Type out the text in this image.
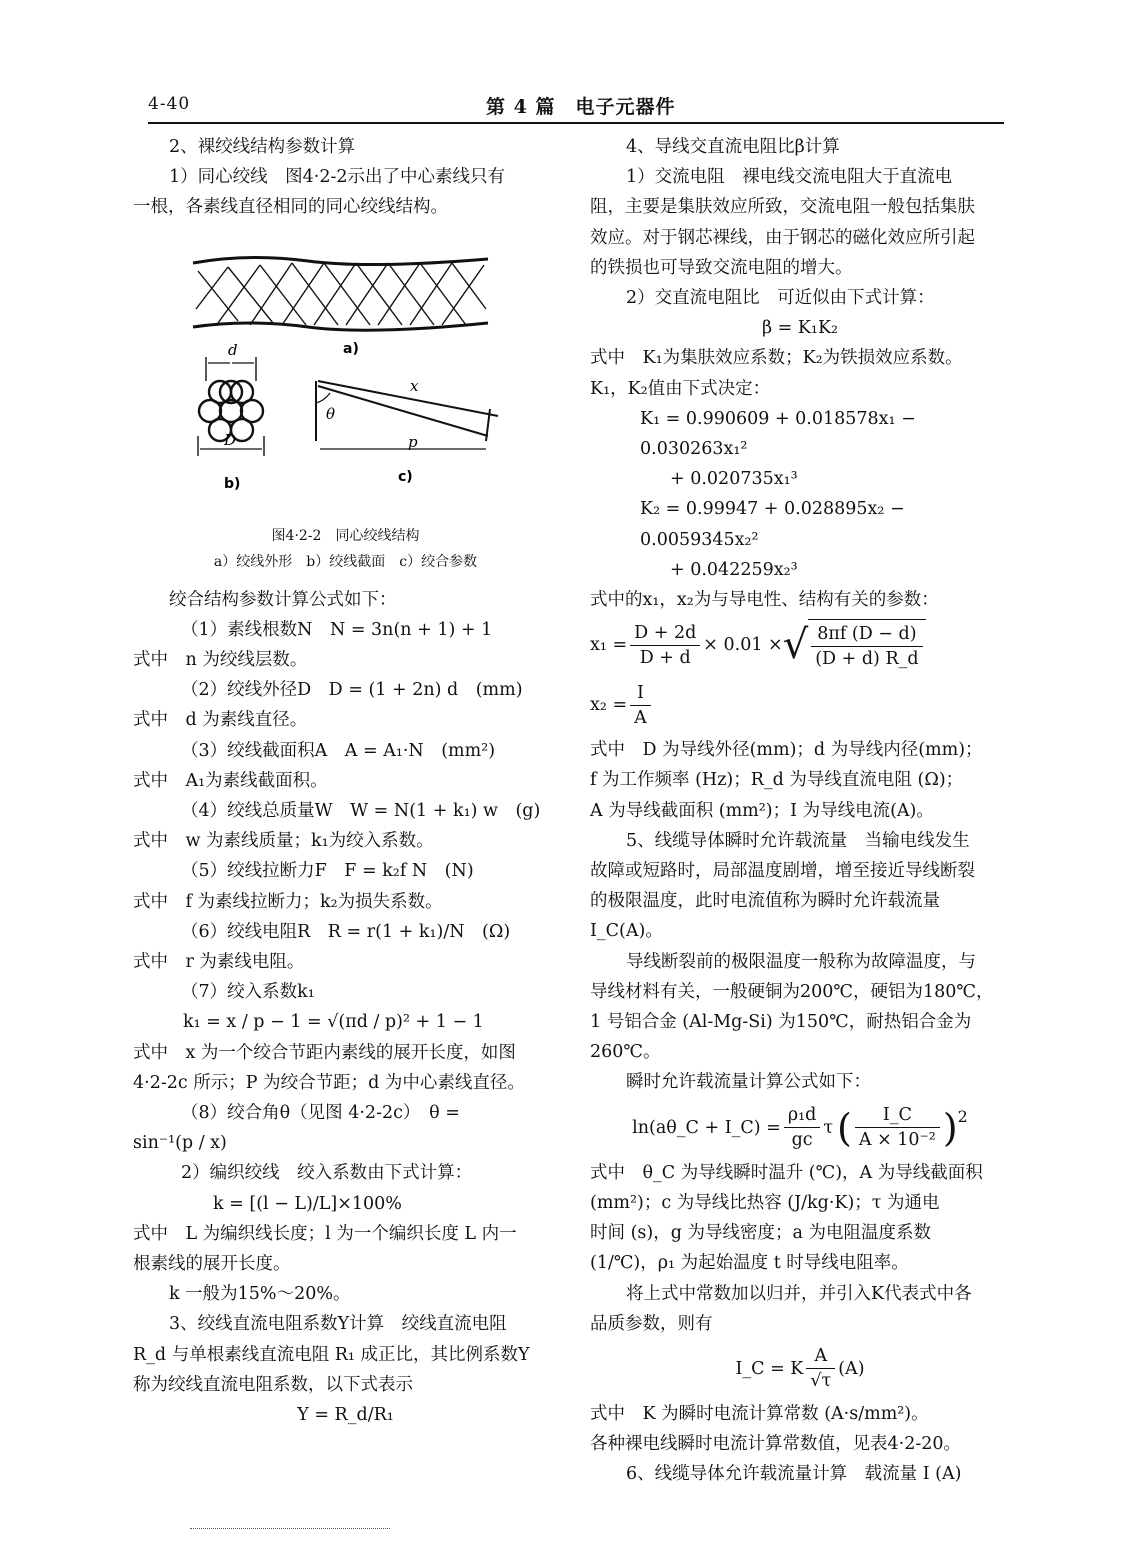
4-40	第 4 篇　电子元器件

2、裸绞线结构参数计算

1）同心绞线　图4·2-2示出了中心素线只有

一根，各素线直径相同的同心绞线结构。

a)
d
D
b)
x
θ
p
c)

图4·2-2　同心绞线结构

a）绞线外形　b）绞线截面　c）绞合参数

绞合结构参数计算公式如下：

（1）素线根数N　N = 3n(n + 1) + 1

式中　n 为绞线层数。

（2）绞线外径D　D = (1 + 2n) d　(mm)

式中　d 为素线直径。

（3）绞线截面积A　A = A₁·N　(mm²)

式中　A₁为素线截面积。

（4）绞线总质量W　W = N(1 + k₁) w　(g)

式中　w 为素线质量；k₁为绞入系数。

（5）绞线拉断力F　F = k₂f N　(N)

式中　f 为素线拉断力；k₂为损失系数。

（6）绞线电阻R　R = r(1 + k₁)/N　(Ω)

式中　r 为素线电阻。

（7）绞入系数k₁

k₁ = x / p − 1 = √(πd / p)² + 1 − 1

式中　x 为一个绞合节距内素线的展开长度，如图

4·2-2c 所示；P 为绞合节距；d 为中心素线直径。

（8）绞合角θ（见图 4·2-2c）　θ =

sin⁻¹(p / x)

2）编织绞线　绞入系数由下式计算：

k = [(l − L)/L]×100%

式中　L 为编织线长度；l 为一个编织长度 L 内一

根素线的展开长度。

k 一般为15%～20%。

3、绞线直流电阻系数Υ计算　绞线直流电阻

R_d 与单根素线直流电阻 R₁ 成正比，其比例系数Υ

称为绞线直流电阻系数，以下式表示

Υ = R_d/R₁

4、导线交直流电阻比β计算

1）交流电阻　裸电线交流电阻大于直流电

阻，主要是集肤效应所致，交流电阻一般包括集肤

效应。对于钢芯裸线，由于钢芯的磁化效应所引起

的铁损也可导致交流电阻的增大。

2）交直流电阻比　可近似由下式计算：

β = K₁K₂

式中　K₁为集肤效应系数；K₂为铁损效应系数。

K₁，K₂值由下式决定：

K₁ = 0.990609 + 0.018578x₁ − 0.030263x₁²

+ 0.020735x₁³

K₂ = 0.99947 + 0.028895x₂ − 0.0059345x₂²

+ 0.042259x₂³

式中的x₁，x₂为与导电性、结构有关的参数：

$x_1 = \frac{D + 2d}{D + d} \times 0.01$ × √ $\frac{8\pi f (D - d)}{(D + d) R\_d}$
$x_2 = \frac{I}{A}$

式中　D 为导线外径(mm)；d 为导线内径(mm)；

f 为工作频率 (Hz)；R_d 为导线直流电阻 (Ω)；

A 为导线截面积 (mm²)；I 为导线电流(A)。

5、线缆导体瞬时允许载流量　当输电线发生

故障或短路时，局部温度剧增，增至接近导线断裂

的极限温度，此时电流值称为瞬时允许载流量

I_C(A)。

导线断裂前的极限温度一般称为故障温度，与

导线材料有关，一般硬铜为200℃，硬铝为180℃，

1 号铝合金 (Al-Mg-Si) 为150℃，耐热铝合金为

260℃。

瞬时允许载流量计算公式如下：

ln(aθ_C + I_C) = $\frac{\text{ρ₁d}}{gc}$ τ ( $\frac{I\_C}{\text{A × 10⁻²}}$ ) 2

式中　θ_C 为导线瞬时温升 (℃)，A 为导线截面积

(mm²)；c 为导线比热容 (J/kg·K)；τ 为通电

时间 (s)，g 为导线密度；a 为电阻温度系数

(1/℃)，ρ₁ 为起始温度 t 时导线电阻率。

将上式中常数加以归并，并引入K代表式中各

品质参数，则有

I_C = K $\frac{A}{√\tau} (A)$

式中　K 为瞬时电流计算常数 (A·s/mm²)。

各种裸电线瞬时电流计算常数值，见表4·2-20。

6、线缆导体允许载流量计算　载流量 I (A)
